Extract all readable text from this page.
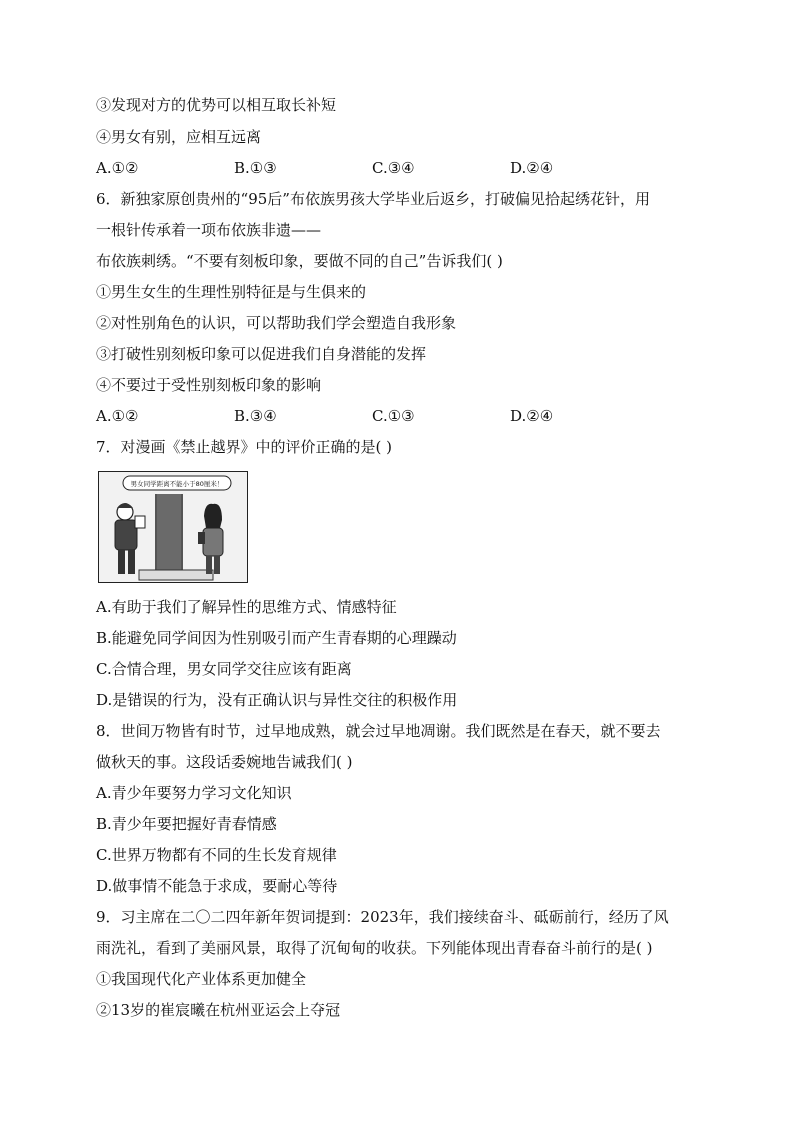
③发现对方的优势可以相互取长补短
④男女有别，应相互远离
A.①②	B.①③	C.③④	D.②④
6．新独家原创贵州的“95后”布依族男孩大学毕业后返乡，打破偏见拾起绣花针，用
一根针传承着一项布依族非遗——
布依族刺绣。“不要有刻板印象，要做不同的自己”告诉我们( )
①男生女生的生理性别特征是与生俱来的
②对性别角色的认识，可以帮助我们学会塑造自我形象
③打破性别刻板印象可以促进我们自身潜能的发挥
④不要过于受性别刻板印象的影响
A.①②	B.③④	C.①③	D.②④
7．对漫画《禁止越界》中的评价正确的是( )
男女同学距离不能小于80厘米！
A.有助于我们了解异性的思维方式、情感特征
B.能避免同学间因为性别吸引而产生青春期的心理躁动
C.合情合理，男女同学交往应该有距离
D.是错误的行为，没有正确认识与异性交往的积极作用
8．世间万物皆有时节，过早地成熟，就会过早地凋谢。我们既然是在春天，就不要去
做秋天的事。这段话委婉地告诫我们( )
A.青少年要努力学习文化知识
B.青少年要把握好青春情感
C.世界万物都有不同的生长发育规律
D.做事情不能急于求成，要耐心等待
9．习主席在二〇二四年新年贺词提到：2023年，我们接续奋斗、砥砺前行，经历了风
雨洗礼，看到了美丽风景，取得了沉甸甸的收获。下列能体现出青春奋斗前行的是( )
①我国现代化产业体系更加健全
②13岁的崔宸曦在杭州亚运会上夺冠
